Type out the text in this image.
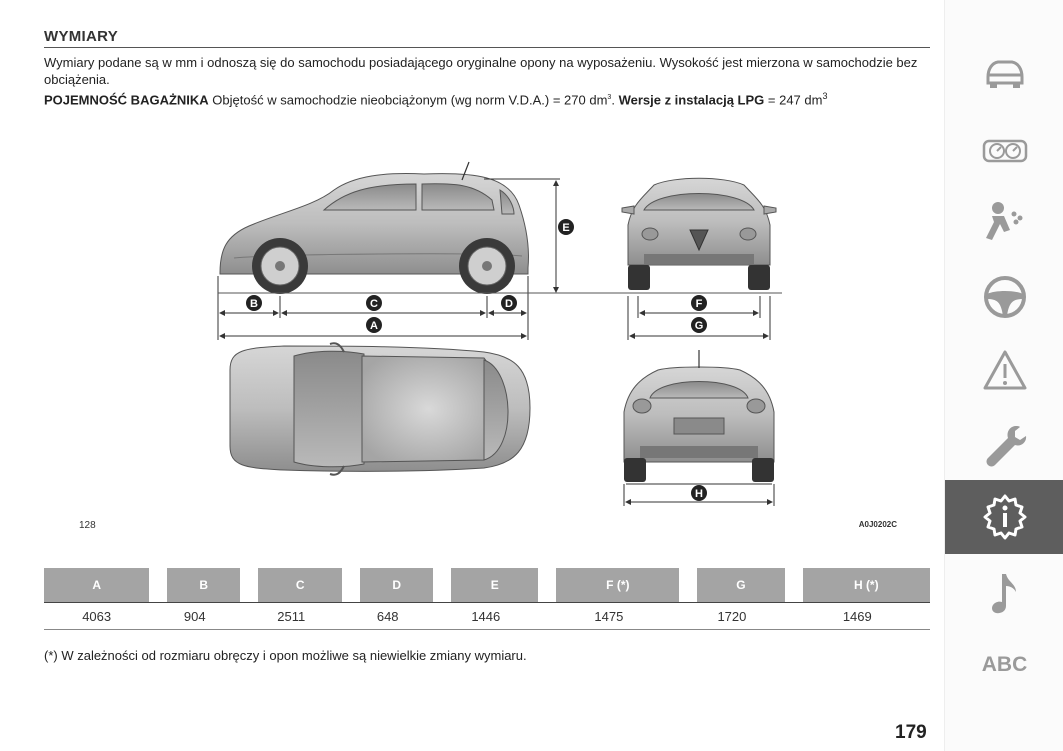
WYMIARY
Wymiary podane są w mm i odnoszą się do samochodu posiadającego oryginalne opony na wyposażeniu. Wysokość jest mierzona w samochodzie bez obciążenia.
POJEMNOŚĆ BAGAŻNIKA Objętość w samochodzie nieobciążonym (wg norm V.D.A.) = 270 $dm^3$. Wersje z instalacją LPG = 247 $dm^3$
B	C	D
A
E
F
G
H
128	A0J0202C
A	B	C	D	E	F (*)	G	H (*)
4063	904	2511	648	1446	1475	1720	1469
(*) W zależności od rozmiaru obręczy i opon możliwe są niewielkie zmiany wymiaru.
179
ABC
